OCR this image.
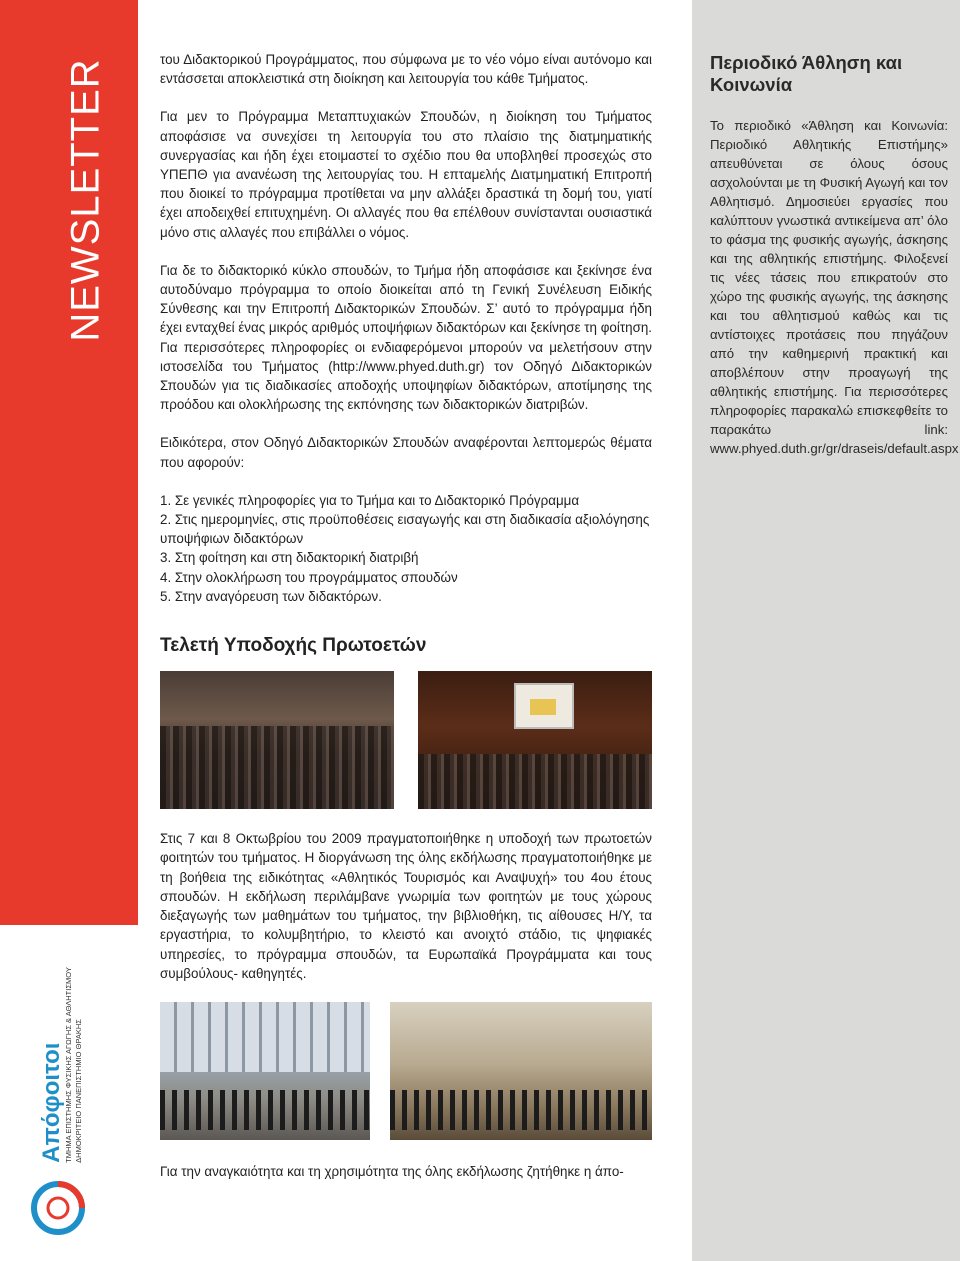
NEWSLETTER
Απόφοιτοι ΤΜΗΜΑ ΕΠΙΣΤΗΜΗΣ ΦΥΣΙΚΗΣ ΑΓΩΓΗΣ & ΑΘΛΗΤΙΣΜΟΥ ΔΗΜΟΚΡΙΤΕΙΟ ΠΑΝΕΠΙΣΤΗΜΙΟ ΘΡΑΚΗΣ

του Διδακτορικού Προγράμματος, που σύμφωνα με το νέο νόμο είναι αυτόνομο και εντάσσεται αποκλειστικά στη διοίκηση και λειτουργία του κάθε Τμήματος.

Για μεν το Πρόγραμμα Μεταπτυχιακών Σπουδών, η διοίκηση του Τμήματος αποφάσισε να συνεχίσει τη λειτουργία του στο πλαίσιο της διατμηματικής συνεργασίας και ήδη έχει ετοιμαστεί το σχέδιο που θα υποβληθεί προσεχώς στο ΥΠΕΠΘ για ανανέωση της λειτουργίας του. Η επταμελής Διατμηματική Επιτροπή που διοικεί το πρόγραμμα προτίθεται να μην αλλάξει δραστικά τη δομή του, γιατί έχει αποδειχθεί επιτυχημένη. Οι αλλαγές που θα επέλθουν συνίστανται ουσιαστικά μόνο στις αλλαγές που επιβάλλει ο νόμος.

Για δε το διδακτορικό κύκλο σπουδών, το Τμήμα ήδη αποφάσισε και ξεκίνησε ένα αυτοδύναμο πρόγραμμα το οποίο διοικείται από τη Γενική Συνέλευση Ειδικής Σύνθεσης και την Επιτροπή Διδακτορικών Σπουδών. Σ’ αυτό το πρόγραμμα ήδη έχει ενταχθεί ένας μικρός αριθμός υποψήφιων διδακτόρων και ξεκίνησε τη φοίτηση. Για περισσότερες πληροφορίες οι ενδιαφερόμενοι μπορούν να μελετήσουν στην ιστοσελίδα του Τμήματος (http://www.phyed.duth.gr) τον Οδηγό Διδακτορικών Σπουδών για τις διαδικασίες αποδοχής υποψηφίων διδακτόρων, αποτίμησης της προόδου και ολοκλήρωσης της εκπόνησης των διδακτορικών διατριβών.

Ειδικότερα, στον Οδηγό Διδακτορικών Σπουδών αναφέρονται λεπτομερώς θέματα που αφορούν:

1. Σε γενικές πληροφορίες για το Τμήμα και το Διδακτορικό Πρόγραμμα
2. Στις ημερομηνίες, στις προϋποθέσεις εισαγωγής και στη διαδικασία αξιολόγησης υποψήφιων διδακτόρων
3. Στη φοίτηση και στη διδακτορική διατριβή
4. Στην ολοκλήρωση του προγράμματος σπουδών
5. Στην αναγόρευση των διδακτόρων.
Τελετή Υποδοχής Πρωτοετών

Στις 7 και 8 Οκτωβρίου του 2009 πραγματοποιήθηκε η υποδοχή των πρωτοετών φοιτητών του τμήματος. Η διοργάνωση της όλης εκδήλωσης πραγματοποιήθηκε με τη βοήθεια της ειδικότητας «Αθλητικός Τουρισμός και Αναψυχή» του 4ου έτους σπουδών. Η εκδήλωση περιλάμβανε γνωριμία των φοιτητών με τους χώρους διεξαγωγής των μαθημάτων του τμήματος, την βιβλιοθήκη, τις αίθουσες Η/Υ, τα εργαστήρια, το κολυμβητήριο, το κλειστό και ανοιχτό στάδιο, τις ψηφιακές υπηρεσίες, το πρόγραμμα σπουδών, τα Ευρωπαϊκά Προγράμματα και τους συμβούλους- καθηγητές.

Για την αναγκαιότητα και τη χρησιμότητα της όλης εκδήλωσης ζητήθηκε η άπο-

Περιοδικό Άθληση και Κοινωνία

Το περιοδικό «Άθληση και Κοινωνία: Περιοδικό Αθλητικής Επιστήμης» απευθύνεται σε όλους όσους ασχολούνται με τη Φυσική Αγωγή και τον Αθλητισμό. Δημοσιεύει εργασίες που καλύπτουν γνωστικά αντικείμενα απ’ όλο το φάσμα της φυσικής αγωγής, άσκησης και της αθλητικής επιστήμης. Φιλοξενεί τις νέες τάσεις που επικρατούν στο χώρο της φυσικής αγωγής, της άσκησης και του αθλητισμού καθώς και τις αντίστοιχες προτάσεις που πηγάζουν από την καθημερινή πρακτική και αποβλέπουν στην προαγωγή της αθλητικής επιστήμης. Για περισσότερες πληροφορίες παρακαλώ επισκεφθείτε το παρακάτω link: www.phyed.duth.gr/gr/draseis/default.aspx
